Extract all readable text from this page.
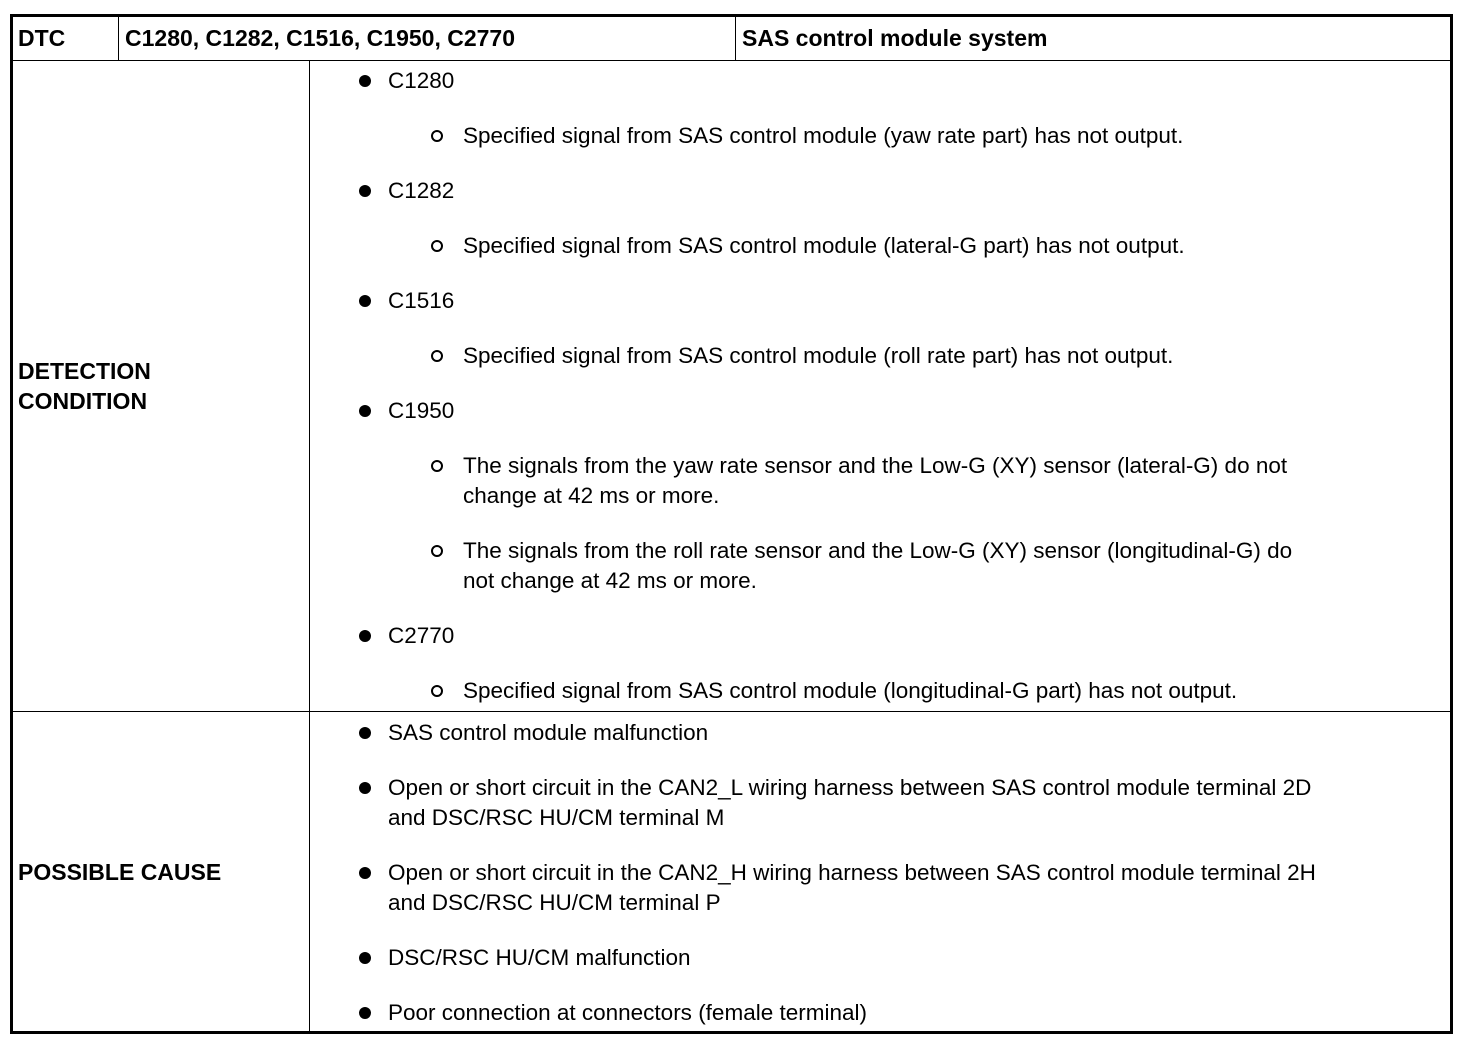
DTC	C1280, C1282, C1516, C1950, C2770	SAS control module system
DETECTION
CONDITION
C1280
Specified signal from SAS control module (yaw rate part) has not output.
C1282
Specified signal from SAS control module (lateral-G part) has not output.
C1516
Specified signal from SAS control module (roll rate part) has not output.
C1950
The signals from the yaw rate sensor and the Low-G (XY) sensor (lateral-G) do not
change at 42 ms or more.
The signals from the roll rate sensor and the Low-G (XY) sensor (longitudinal-G) do
not change at 42 ms or more.
C2770
Specified signal from SAS control module (longitudinal-G part) has not output.
POSSIBLE CAUSE
SAS control module malfunction
Open or short circuit in the CAN2_L wiring harness between SAS control module terminal 2D
and DSC/RSC HU/CM terminal M
Open or short circuit in the CAN2_H wiring harness between SAS control module terminal 2H
and DSC/RSC HU/CM terminal P
DSC/RSC HU/CM malfunction
Poor connection at connectors (female terminal)
